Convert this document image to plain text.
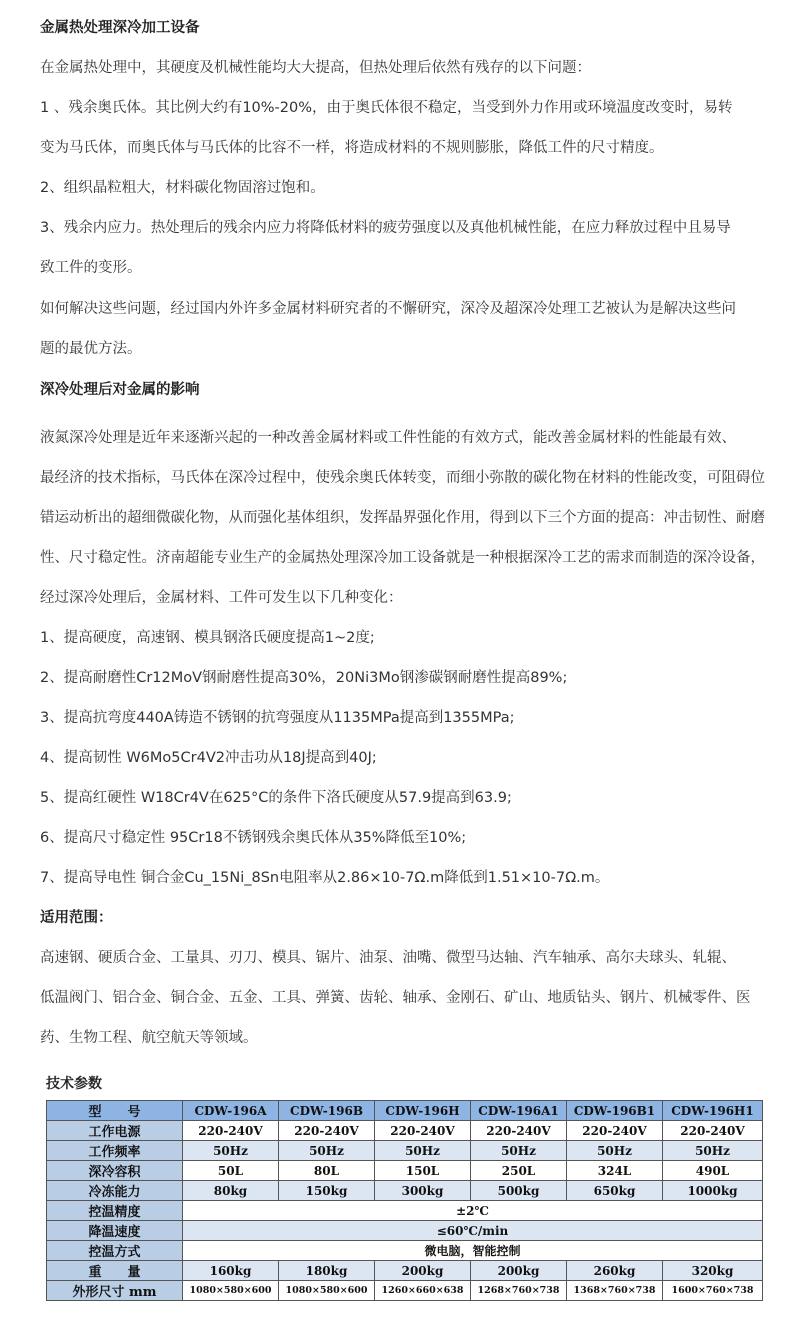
金属热处理深冷加工设备
在金属热处理中，其硬度及机械性能均大大提高，但热处理后依然有残存的以下问题：
1 、残余奥氏体。其比例大约有10%-20%，由于奥氏体很不稳定，当受到外力作用或环境温度改变时，易转
变为马氏体，而奥氏体与马氏体的比容不一样，将造成材料的不规则膨胀，降低工件的尺寸精度。
2、组织晶粒粗大，材料碳化物固溶过饱和。
3、残余内应力。热处理后的残余内应力将降低材料的疲劳强度以及真他机械性能，在应力释放过程中且易导
致工件的变形。
如何解决这些问题，经过国内外许多金属材料研究者的不懈研究，深冷及超深冷处理工艺被认为是解决这些问
题的最优方法。
深冷处理后对金属的影响
液氮深冷处理是近年来逐渐兴起的一种改善金属材料或工件性能的有效方式，能改善金属材料的性能最有效、
最经济的技术指标，马氏体在深冷过程中，使残余奥氏体转变，而细小弥散的碳化物在材料的性能改变，可阻碍位
错运动析出的超细微碳化物，从而强化基体组织，发挥晶界强化作用，得到以下三个方面的提高：冲击韧性、耐磨
性、尺寸稳定性。济南超能专业生产的金属热处理深冷加工设备就是一种根据深冷工艺的需求而制造的深冷设备，
经过深冷处理后，金属材料、工件可发生以下几种变化：
1、提高硬度，高速钢、模具钢洛氏硬度提高1~2度;
2、提高耐磨性Cr12MoV钢耐磨性提高30%，20Ni3Mo钢渗碳钢耐磨性提高89%;
3、提高抗弯度440A铸造不锈钢的抗弯强度从1135MPa提高到1355MPa;
4、提高韧性 W6Mo5Cr4V2冲击功从18J提高到40J;
5、提高红硬性 W18Cr4V在625°C的条件下洛氏硬度从57.9提高到63.9;
6、提高尺寸稳定性 95Cr18不锈钢残余奥氏体从35%降低至10%;
7、提高导电性 铜合金Cu_15Ni_8Sn电阻率从2.86×10-7Ω.m降低到1.51×10-7Ω.m。
适用范围：
高速钢、硬质合金、工量具、刃刀、模具、锯片、油泵、油嘴、微型马达轴、汽车轴承、高尔夫球头、轧辊、
低温阀门、铝合金、铜合金、五金、工具、弹簧、齿轮、轴承、金刚石、矿山、地质钻头、钢片、机械零件、医
药、生物工程、航空航天等领域。
技术参数
型　　号	CDW-196A	CDW-196B	CDW-196H	CDW-196A1	CDW-196B1	CDW-196H1
工作电源	220-240V	220-240V	220-240V	220-240V	220-240V	220-240V
工作频率	50Hz	50Hz	50Hz	50Hz	50Hz	50Hz
深冷容积	50L	80L	150L	250L	324L	490L
冷冻能力	80kg	150kg	300kg	500kg	650kg	1000kg
控温精度	±2℃					
降温速度	≤60℃/min					
控温方式	微电脑，智能控制					
重　　量	160kg	180kg	200kg	200kg	260kg	320kg
外形尺寸 mm	1080×580×600	1080×580×600	1260×660×638	1268×760×738	1368×760×738	1600×760×738
